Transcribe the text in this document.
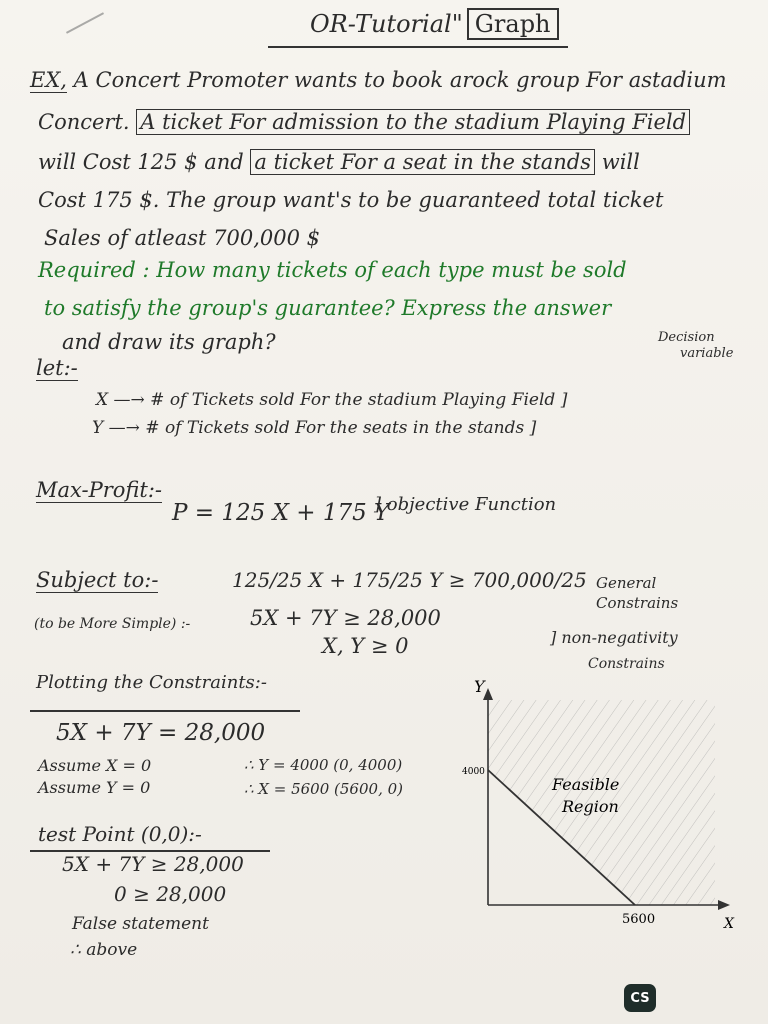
OR-Tutorial" Graph
EX, A Concert Promoter wants to book arock group For astadium
Concert. A ticket For admission to the stadium Playing Field
will Cost 125 $ and a ticket For a seat in the stands will
Cost 175 $. The group want's to be guaranteed total ticket
Sales of atleast 700,000 $
Required : How many tickets of each type must be sold
to satisfy the group's guarantee? Express the answer
and draw its graph?	Decision
variable
let:-
X —→ # of Tickets sold For the stadium Playing Field ]
Y —→ # of Tickets sold For the seats in the stands ]
Max-Profit:-
P = 125 X + 175 Y
] objective Function
Subject to:-	125/25 X + 175/25 Y ≥ 700,000/25 General
Constrains
(to be More Simple) :-	5X + 7Y ≥ 28,000
X, Y ≥ 0	] non-negativity
Constrains
Plotting the Constraints:-
5X + 7Y = 28,000
Assume X = 0
Assume Y = 0
∴ Y = 4000 (0, 4000)
∴ X = 5600 (5600, 0)
test Point (0,0):-
5X + 7Y ≥ 28,000
0 ≥ 28,000
False statement
∴ above
Y
X
4000
5600
Feasible
Region
CS
